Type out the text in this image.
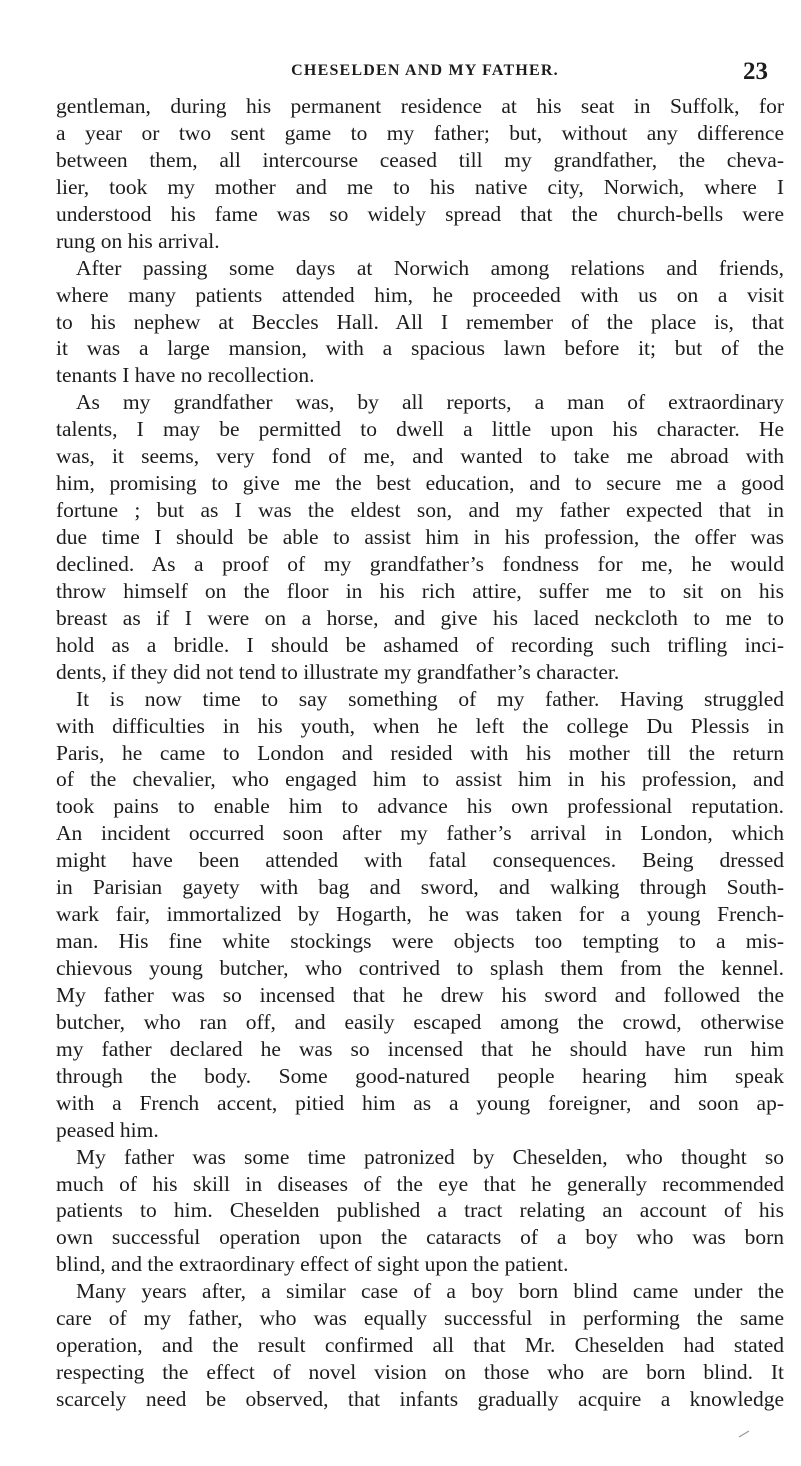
CHESELDEN AND MY FATHER.	23
gentleman, during his permanent residence at his seat in Suffolk, for
a year or two sent game to my father; but, without any difference
between them, all intercourse ceased till my grandfather, the cheva-
lier, took my mother and me to his native city, Norwich, where I
understood his fame was so widely spread that the church-bells were
rung on his arrival.
After passing some days at Norwich among relations and friends,
where many patients attended him, he proceeded with us on a visit
to his nephew at Beccles Hall. All I remember of the place is, that
it was a large mansion, with a spacious lawn before it; but of the
tenants I have no recollection.
As my grandfather was, by all reports, a man of extraordinary
talents, I may be permitted to dwell a little upon his character. He
was, it seems, very fond of me, and wanted to take me abroad with
him, promising to give me the best education, and to secure me a good
fortune ; but as I was the eldest son, and my father expected that in
due time I should be able to assist him in his profession, the offer was
declined. As a proof of my grandfather’s fondness for me, he would
throw himself on the floor in his rich attire, suffer me to sit on his
breast as if I were on a horse, and give his laced neckcloth to me to
hold as a bridle. I should be ashamed of recording such trifling inci-
dents, if they did not tend to illustrate my grandfather’s character.
It is now time to say something of my father. Having struggled
with difficulties in his youth, when he left the college Du Plessis in
Paris, he came to London and resided with his mother till the return
of the chevalier, who engaged him to assist him in his profession, and
took pains to enable him to advance his own professional reputation.
An incident occurred soon after my father’s arrival in London, which
might have been attended with fatal consequences. Being dressed
in Parisian gayety with bag and sword, and walking through South-
wark fair, immortalized by Hogarth, he was taken for a young French-
man. His fine white stockings were objects too tempting to a mis-
chievous young butcher, who contrived to splash them from the kennel.
My father was so incensed that he drew his sword and followed the
butcher, who ran off, and easily escaped among the crowd, otherwise
my father declared he was so incensed that he should have run him
through the body. Some good-natured people hearing him speak
with a French accent, pitied him as a young foreigner, and soon ap-
peased him.
My father was some time patronized by Cheselden, who thought so
much of his skill in diseases of the eye that he generally recommended
patients to him. Cheselden published a tract relating an account of his
own successful operation upon the cataracts of a boy who was born
blind, and the extraordinary effect of sight upon the patient.
Many years after, a similar case of a boy born blind came under the
care of my father, who was equally successful in performing the same
operation, and the result confirmed all that Mr. Cheselden had stated
respecting the effect of novel vision on those who are born blind. It
scarcely need be observed, that infants gradually acquire a knowledge
